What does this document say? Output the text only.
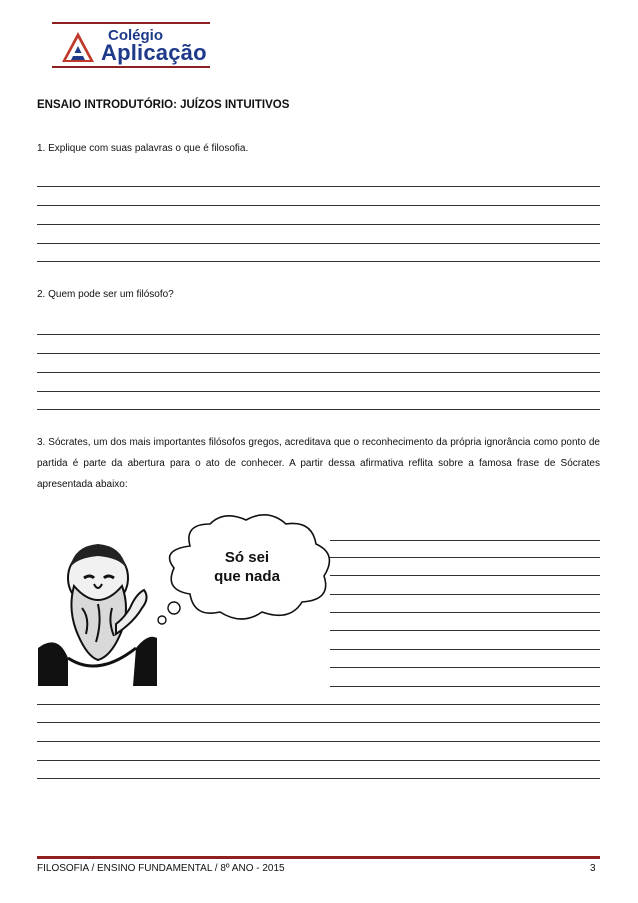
Colégio
Aplicação
ENSAIO INTRODUTÓRIO: JUÍZOS INTUITIVOS
1. Explique com suas palavras o que é filosofia.
2. Quem pode ser um filósofo?
3. Sócrates, um dos mais importantes filósofos gregos, acreditava que o reconhecimento da própria ignorância como ponto de partida é parte da abertura para o ato de conhecer. A partir dessa afirmativa reflita sobre a famosa frase de Sócrates apresentada abaixo:
Só sei
que nada
FILOSOFIA / ENSINO FUNDAMENTAL / 8º ANO - 2015	3
